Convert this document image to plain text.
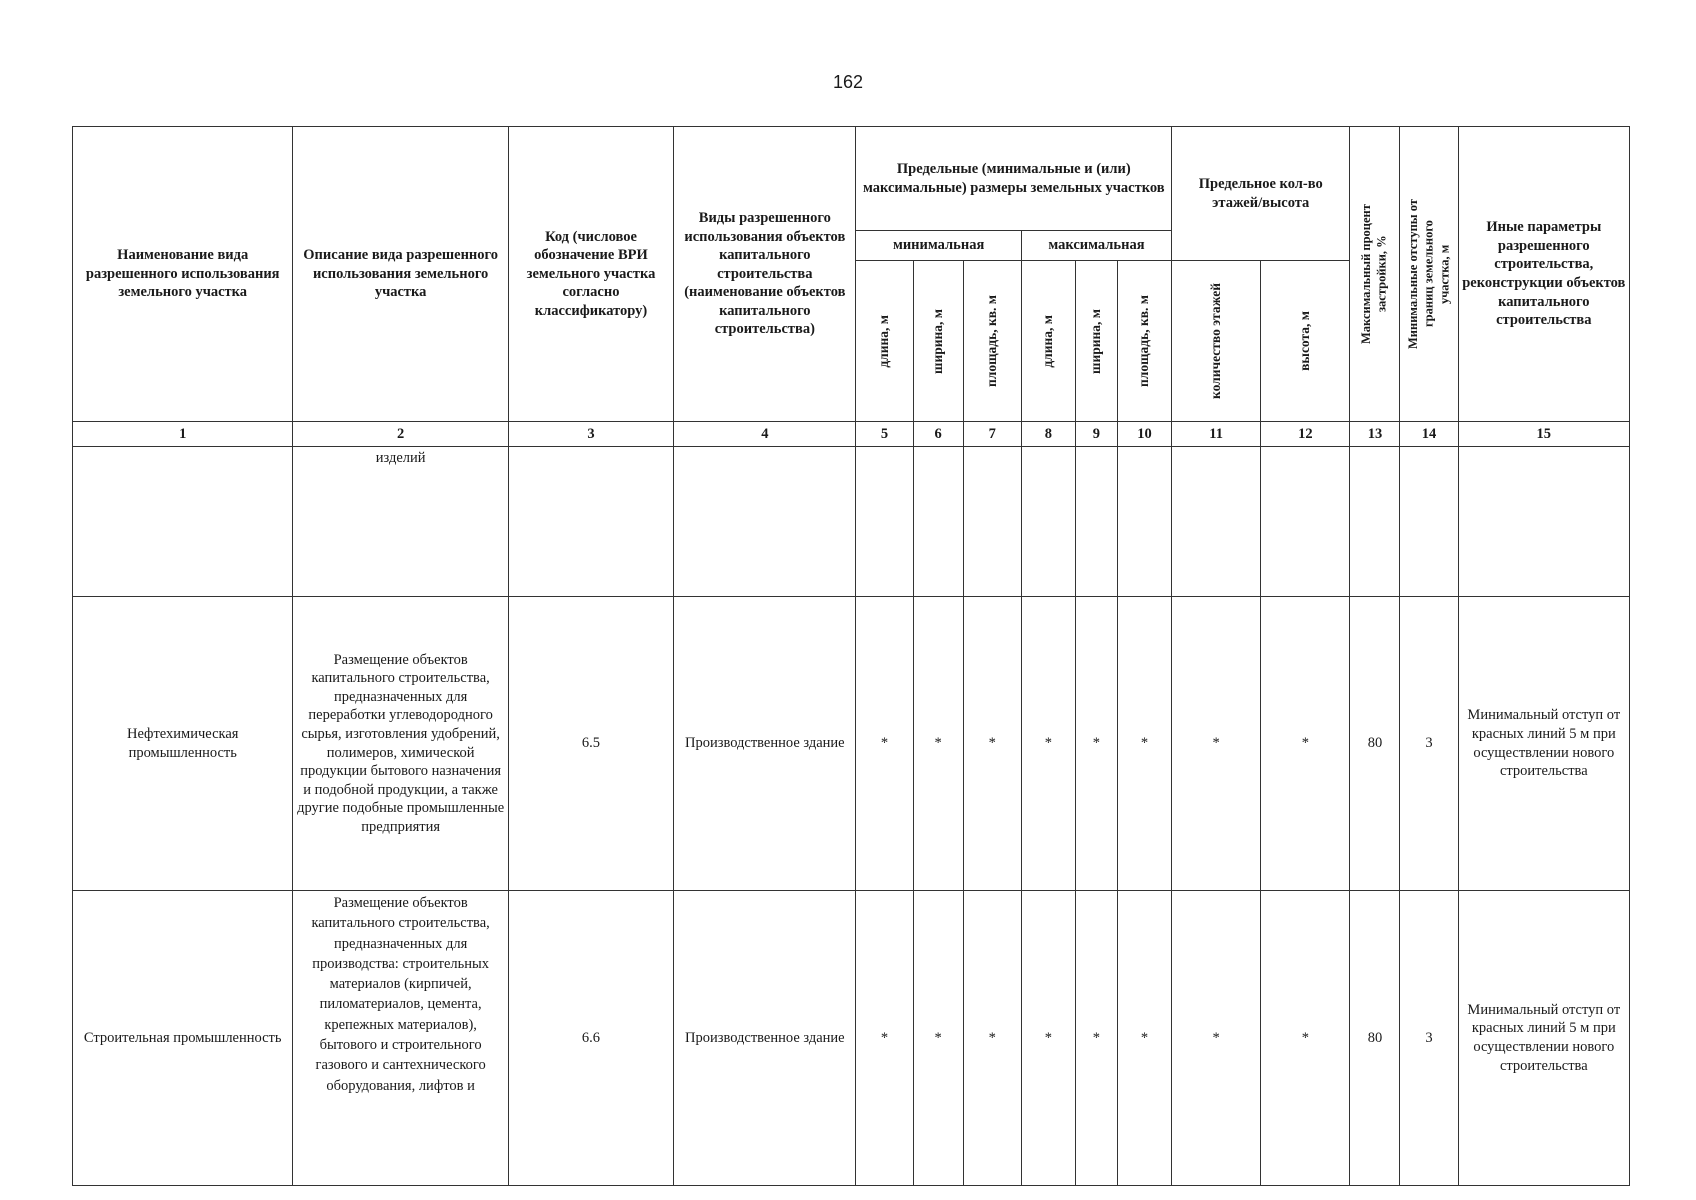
162
Наименование вида разрешенного использования земельного участка	Описание вида разрешенного использования земельного участка	Код (числовое обозначение ВРИ земельного участка согласно классификатору)	Виды разрешенного использования объектов капитального строительства (наименование объектов капитального строительства)	Предельные (минимальные и (или) максимальные) размеры земельных участков						Предельное кол-во этажей/высота		Максимальный процент застройки, %	Минимальные отступы от границ земельного участка, м	Иные параметры разрешенного строительства, реконструкции объектов капитального строительства
				минимальная			максимальная							

				длина, м	ширина, м	площадь, кв. м	длина, м	ширина, м	площадь, кв. м	количество этажей	высота, м			

1	2	3	4	5	6	7	8	9	10	11	12	13	14	15
	изделий													
Нефтехимическая промышленность	Размещение объектов капитального строительства, предназначенных для переработки углеводородного сырья, изготовления удобрений, полимеров, химической продукции бытового назначения и подобной продукции, а также другие подобные промышленные предприятия	6.5	Производственное здание	*	*	*	*	*	*	*	*	80	3	Минимальный отступ от красных линий 5 м при осуществлении нового строительства
Строительная промышленность	Размещение объектов капитального строительства, предназначенных для производства: строительных материалов (кирпичей, пиломатериалов, цемента, крепежных материалов), бытового и строительного газового и сантехнического оборудования, лифтов и	6.6	Производственное здание	*	*	*	*	*	*	*	*	80	3	Минимальный отступ от красных линий 5 м при осуществлении нового строительства
